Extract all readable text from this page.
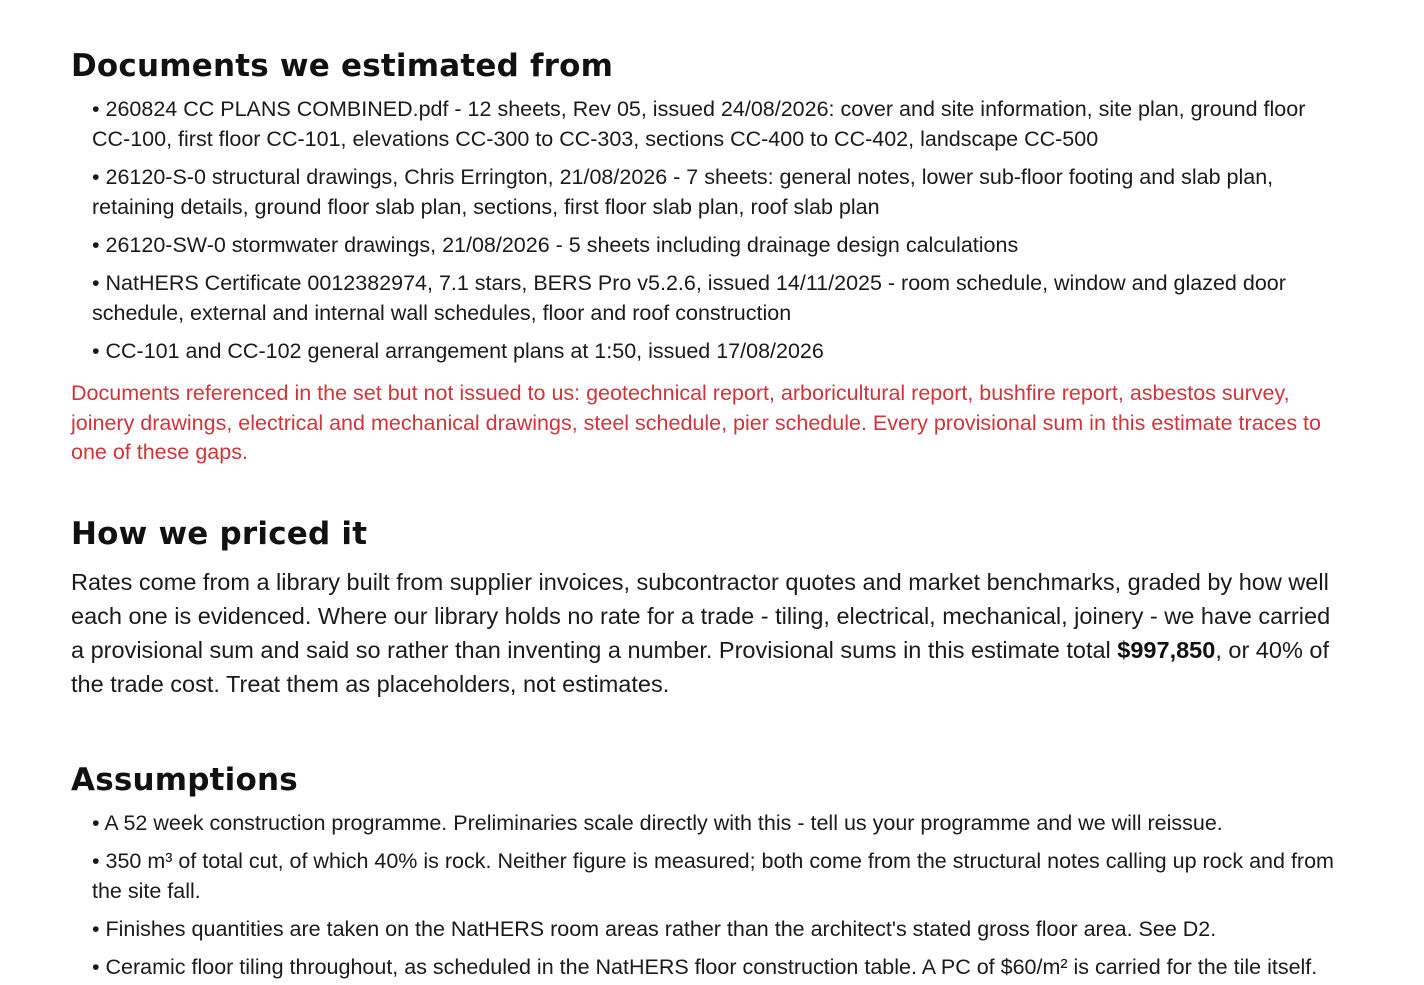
Documents we estimated from
• 260824 CC PLANS COMBINED.pdf - 12 sheets, Rev 05, issued 24/08/2026: cover and site information, site plan, ground floor CC-100, first floor CC-101, elevations CC-300 to CC-303, sections CC-400 to CC-402, landscape CC-500
• 26120-S-0 structural drawings, Chris Errington, 21/08/2026 - 7 sheets: general notes, lower sub-floor footing and slab plan, retaining details, ground floor slab plan, sections, first floor slab plan, roof slab plan
• 26120-SW-0 stormwater drawings, 21/08/2026 - 5 sheets including drainage design calculations
• NatHERS Certificate 0012382974, 7.1 stars, BERS Pro v5.2.6, issued 14/11/2025 - room schedule, window and glazed door schedule, external and internal wall schedules, floor and roof construction
• CC-101 and CC-102 general arrangement plans at 1:50, issued 17/08/2026

Documents referenced in the set but not issued to us: geotechnical report, arboricultural report, bushfire report, asbestos survey, joinery drawings, electrical and mechanical drawings, steel schedule, pier schedule. Every provisional sum in this estimate traces to one of these gaps.

How we priced it

Rates come from a library built from supplier invoices, subcontractor quotes and market benchmarks, graded by how well each one is evidenced. Where our library holds no rate for a trade - tiling, electrical, mechanical, joinery - we have carried a provisional sum and said so rather than inventing a number. Provisional sums in this estimate total $997,850, or 40% of the trade cost. Treat them as placeholders, not estimates.

Assumptions
• A 52 week construction programme. Preliminaries scale directly with this - tell us your programme and we will reissue.
• 350 m³ of total cut, of which 40% is rock. Neither figure is measured; both come from the structural notes calling up rock and from the site fall.
• Finishes quantities are taken on the NatHERS room areas rather than the architect's stated gross floor area. See D2.
• Ceramic floor tiling throughout, as scheduled in the NatHERS floor construction table. A PC of $60/m² is carried for the tile itself.
